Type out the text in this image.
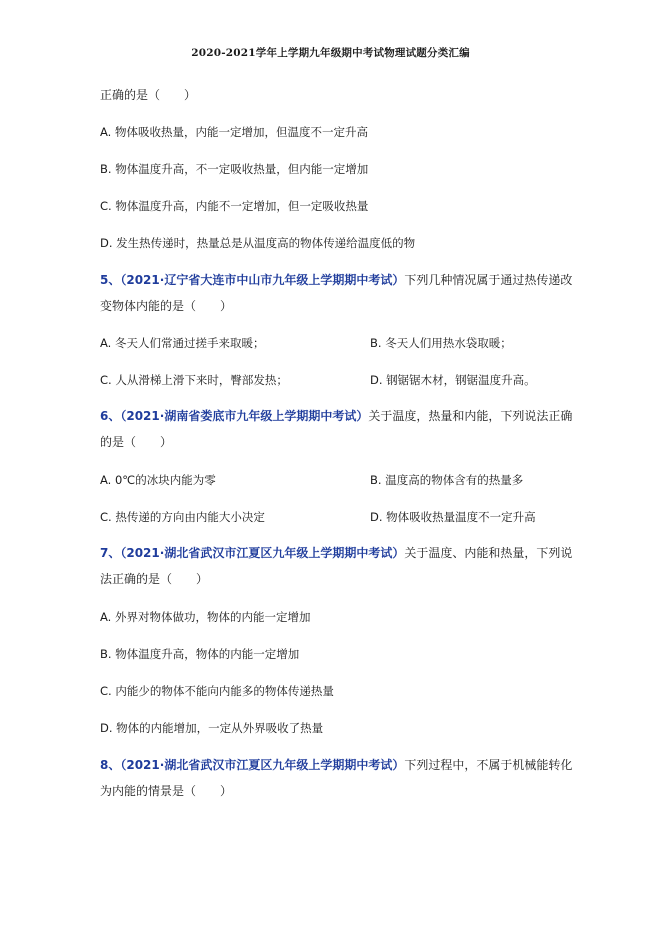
2020-2021学年上学期九年级期中考试物理试题分类汇编
正确的是（　　）
A. 物体吸收热量，内能一定增加，但温度不一定升高
B. 物体温度升高，不一定吸收热量，但内能一定增加
C. 物体温度升高，内能不一定增加，但一定吸收热量
D. 发生热传递时，热量总是从温度高的物体传递给温度低的物
5、（2021·辽宁省大连市中山市九年级上学期期中考试）下列几种情况属于通过热传递改
变物体内能的是（　　）
A. 冬天人们常通过搓手来取暖；	B. 冬天人们用热水袋取暖；
C. 人从滑梯上滑下来时，臀部发热；	D. 钢锯锯木材，钢锯温度升高。
6、（2021·湖南省娄底市九年级上学期期中考试）关于温度，热量和内能，下列说法正确
的是（　　）
A. 0℃的冰块内能为零	B. 温度高的物体含有的热量多
C. 热传递的方向由内能大小决定	D. 物体吸收热量温度不一定升高
7、（2021·湖北省武汉市江夏区九年级上学期期中考试）关于温度、内能和热量，下列说
法正确的是（　　）
A. 外界对物体做功，物体的内能一定增加
B. 物体温度升高，物体的内能一定增加
C. 内能少的物体不能向内能多的物体传递热量
D. 物体的内能增加，一定从外界吸收了热量
8、（2021·湖北省武汉市江夏区九年级上学期期中考试）下列过程中，不属于机械能转化
为内能的情景是（　　）
